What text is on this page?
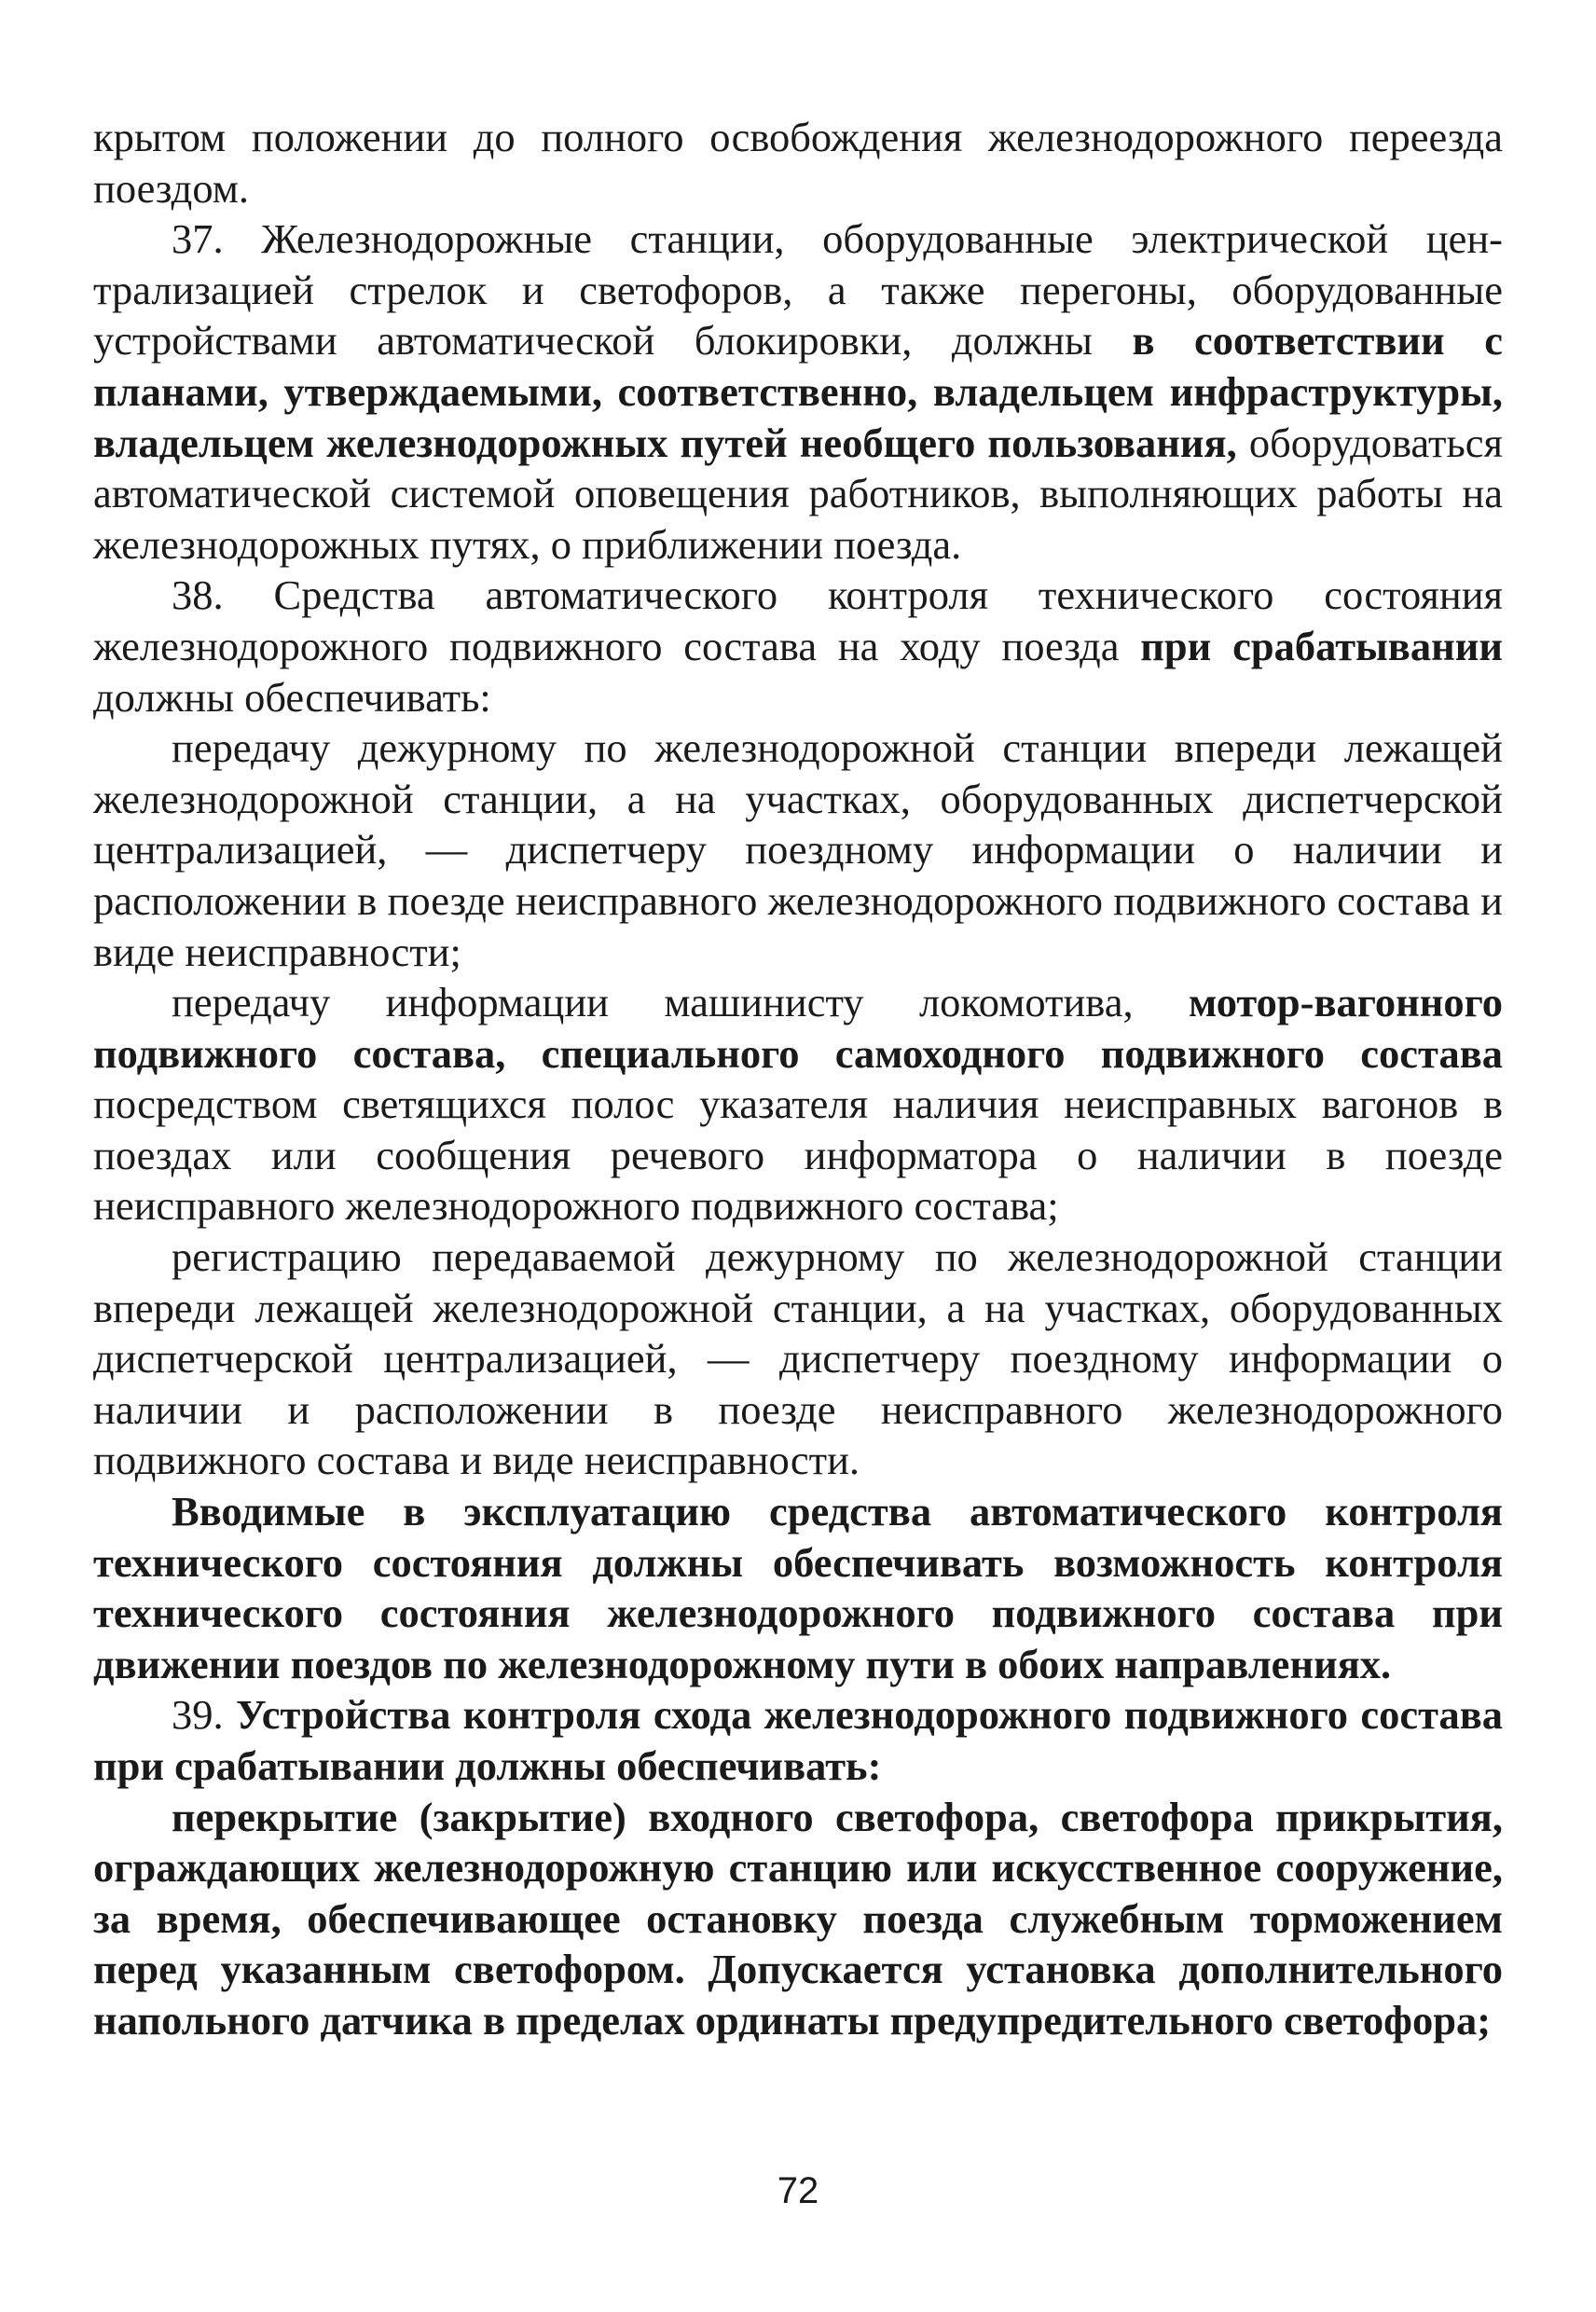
крытом положении до полного освобождения железнодорожного переезда поездом.

37. Железнодорожные станции, оборудованные электрической централизацией стрелок и светофоров, а также перегоны, оборудованные устройствами автоматической блокировки, должны в соответствии с планами, утверждаемыми, соответственно, владельцем инфраструктуры, владельцем железнодорожных путей необщего пользования, оборудоваться автоматической системой оповещения работников, выполняющих работы на железнодорожных путях, о приближении поезда.

38. Средства автоматического контроля технического состояния железнодорожного подвижного состава на ходу поезда при срабатывании должны обеспечивать:

передачу дежурному по железнодорожной станции впереди лежащей железнодорожной станции, а на участках, оборудованных диспетчерской централизацией, — диспетчеру поездному информации о наличии и расположении в поезде неисправного железнодорожного подвижного состава и виде неисправности;

передачу информации машинисту локомотива, мотор-вагонного подвижного состава, специального самоходного подвижного состава посредством светящихся полос указателя наличия неисправных вагонов в поездах или сообщения речевого информатора о наличии в поезде неисправного железнодорожного подвижного состава;

регистрацию передаваемой дежурному по железнодорожной станции впереди лежащей железнодорожной станции, а на участках, оборудованных диспетчерской централизацией, — диспетчеру поездному информации о наличии и расположении в поезде неисправного железнодорожного подвижного состава и виде неисправности.

Вводимые в эксплуатацию средства автоматического контроля технического состояния должны обеспечивать возможность контроля технического состояния железнодорожного подвижного состава при движении поездов по железнодорожному пути в обоих направлениях.

39. Устройства контроля схода железнодорожного подвижного состава при срабатывании должны обеспечивать:

перекрытие (закрытие) входного светофора, светофора прикрытия, ограждающих железнодорожную станцию или искусственное сооружение, за время, обеспечивающее остановку поезда служебным торможением перед указанным светофором. Допускается установка дополнительного напольного датчика в пределах ординаты предупредительного светофора;

72
